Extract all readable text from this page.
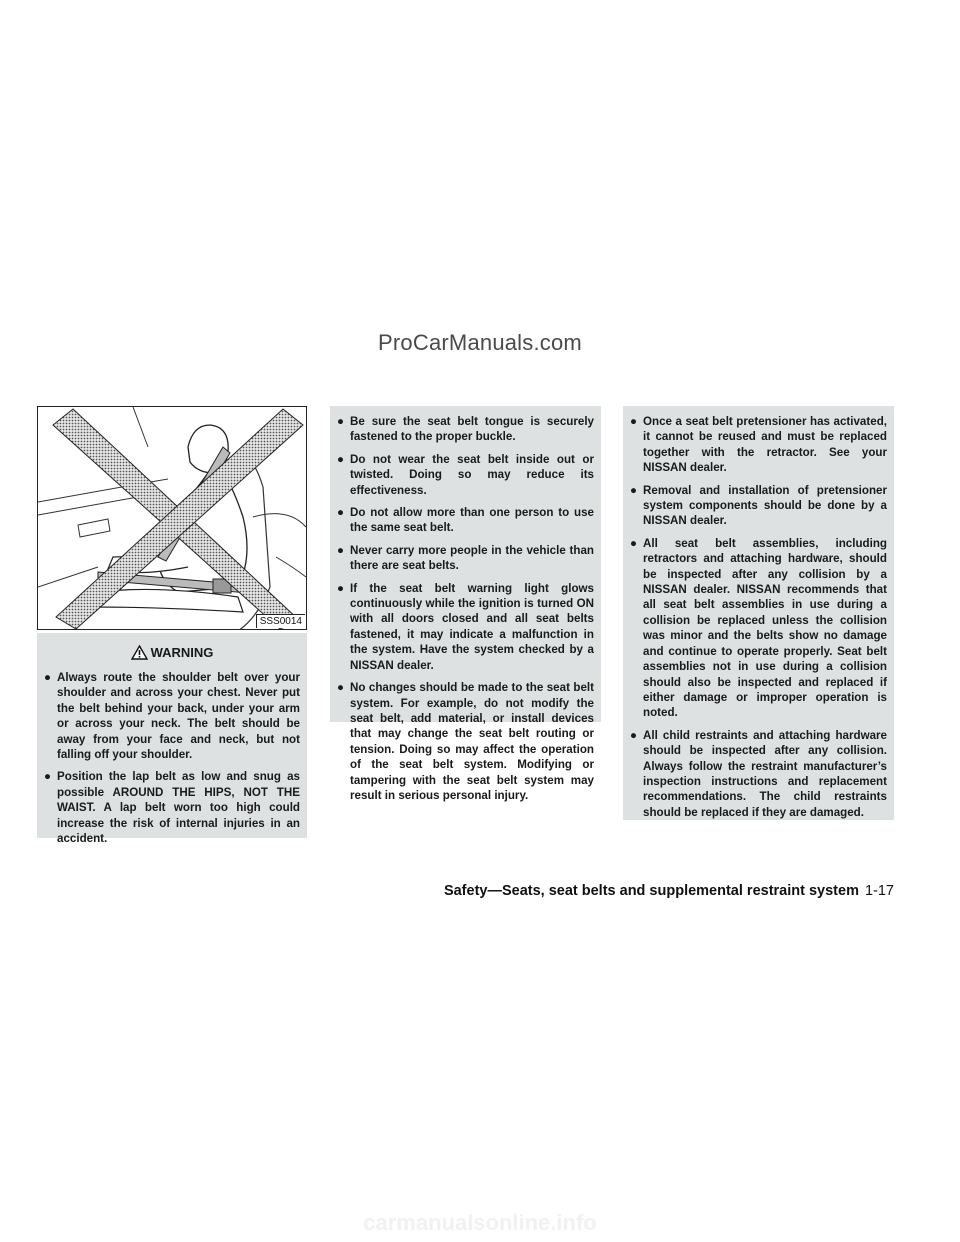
ProCarManuals.com
SSS0014
WARNING
● Always route the shoulder belt over your shoulder and across your chest. Never put the belt behind your back, under your arm or across your neck. The belt should be away from your face and neck, but not falling off your shoulder.
● Position the lap belt as low and snug as possible AROUND THE HIPS, NOT THE WAIST. A lap belt worn too high could increase the risk of internal injuries in an accident.
● Be sure the seat belt tongue is securely fastened to the proper buckle.
● Do not wear the seat belt inside out or twisted. Doing so may reduce its effectiveness.
● Do not allow more than one person to use the same seat belt.
● Never carry more people in the vehicle than there are seat belts.
● If the seat belt warning light glows continuously while the ignition is turned ON with all doors closed and all seat belts fastened, it may indicate a malfunction in the system. Have the system checked by a NISSAN dealer.
● No changes should be made to the seat belt system. For example, do not modify the seat belt, add material, or install devices that may change the seat belt routing or tension. Doing so may affect the operation of the seat belt system. Modifying or tampering with the seat belt system may result in serious personal injury.
● Once a seat belt pretensioner has activated, it cannot be reused and must be replaced together with the retractor. See your NISSAN dealer.
● Removal and installation of pretensioner system components should be done by a NISSAN dealer.
● All seat belt assemblies, including retractors and attaching hardware, should be inspected after any collision by a NISSAN dealer. NISSAN recommends that all seat belt assemblies in use during a collision be replaced unless the collision was minor and the belts show no damage and continue to operate properly. Seat belt assemblies not in use during a collision should also be inspected and replaced if either damage or improper operation is noted.
● All child restraints and attaching hardware should be inspected after any collision. Always follow the restraint manufacturer’s inspection instructions and replacement recommendations. The child restraints should be replaced if they are damaged.
Safety—Seats, seat belts and supplemental restraint system 1-17
carmanualsonline.info
